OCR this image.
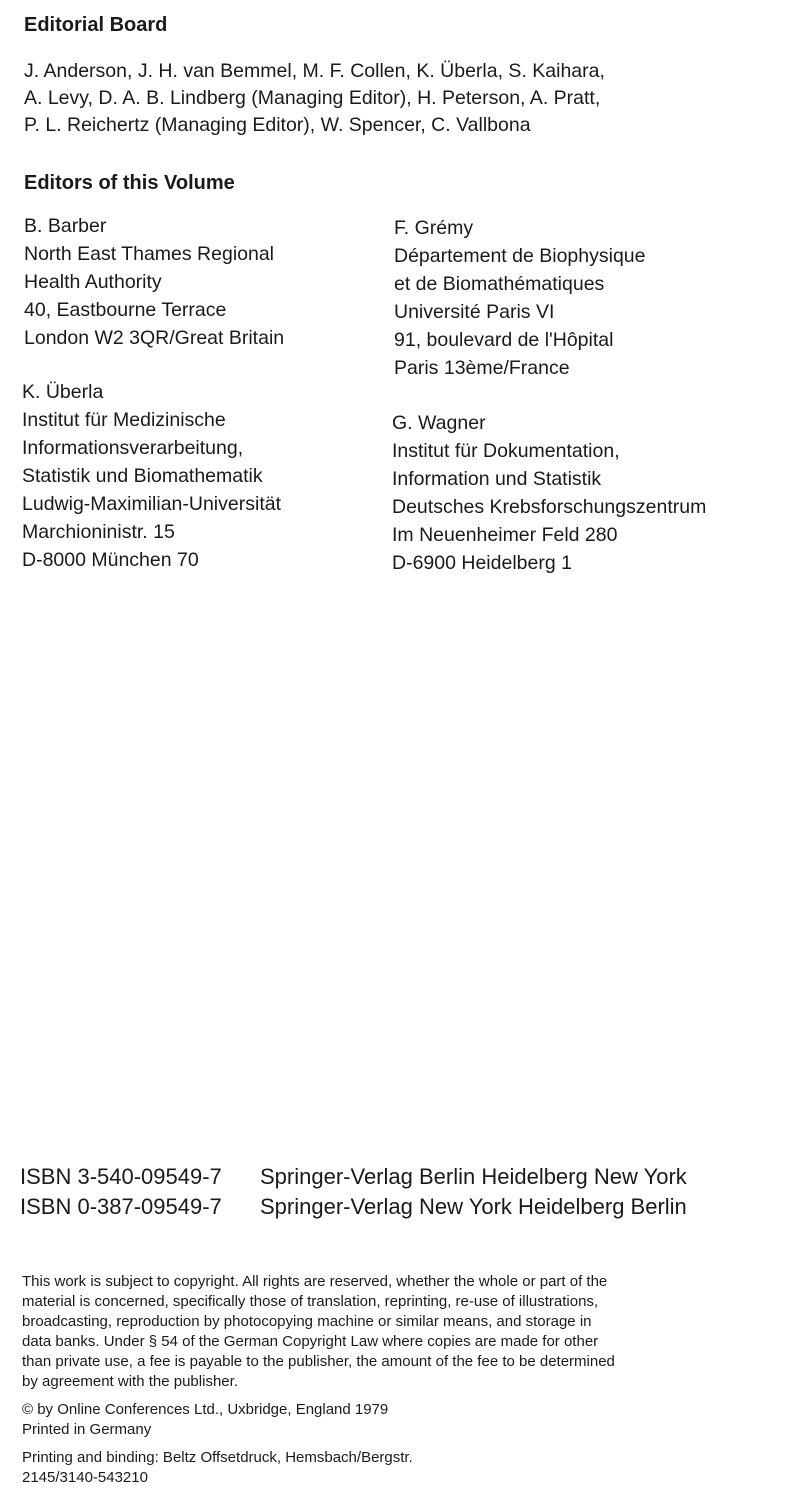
Editorial Board
J. Anderson, J. H. van Bemmel, M. F. Collen, K. Überla, S. Kaihara,
A. Levy, D. A. B. Lindberg (Managing Editor), H. Peterson, A. Pratt,
P. L. Reichertz (Managing Editor), W. Spencer, C. Vallbona
Editors of this Volume
B. Barber
North East Thames Regional
Health Authority
40, Eastbourne Terrace
London W2 3QR/Great Britain
F. Grémy
Département de Biophysique
et de Biomathématiques
Université Paris VI
91, boulevard de l'Hôpital
Paris 13ème/France
K. Überla
Institut für Medizinische
Informationsverarbeitung,
Statistik und Biomathematik
Ludwig-Maximilian-Universität
Marchioninistr. 15
D-8000 München 70
G. Wagner
Institut für Dokumentation,
Information und Statistik
Deutsches Krebsforschungszentrum
Im Neuenheimer Feld 280
D-6900 Heidelberg 1
ISBN 3-540-09549-7 Springer-Verlag Berlin Heidelberg New York
ISBN 0-387-09549-7 Springer-Verlag New York Heidelberg Berlin
This work is subject to copyright. All rights are reserved, whether the whole or part of the
material is concerned, specifically those of translation, reprinting, re-use of illustrations,
broadcasting, reproduction by photocopying machine or similar means, and storage in
data banks. Under § 54 of the German Copyright Law where copies are made for other
than private use, a fee is payable to the publisher, the amount of the fee to be determined
by agreement with the publisher.
© by Online Conferences Ltd., Uxbridge, England 1979
Printed in Germany
Printing and binding: Beltz Offsetdruck, Hemsbach/Bergstr.
2145/3140-543210
